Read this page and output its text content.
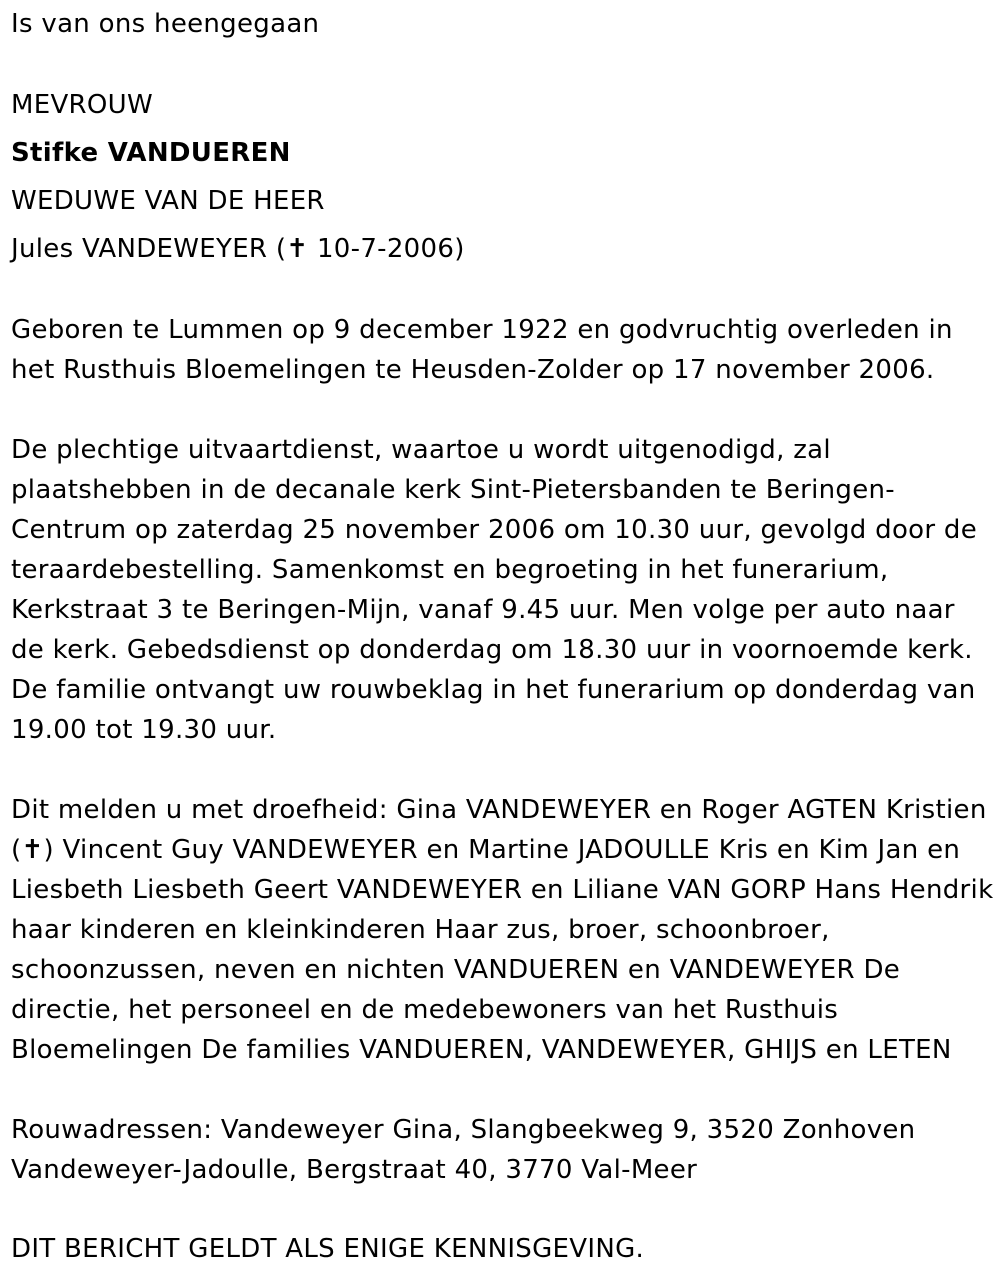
Is van ons heengegaan
MEVROUW
Stifke VANDUEREN
WEDUWE VAN DE HEER
Jules VANDEWEYER (✝ 10-7-2006)
Geboren te Lummen op 9 december 1922 en godvruchtig overleden in
het Rusthuis Bloemelingen te Heusden-Zolder op 17 november 2006.
De plechtige uitvaartdienst, waartoe u wordt uitgenodigd, zal
plaatshebben in de decanale kerk Sint-Pietersbanden te Beringen-
Centrum op zaterdag 25 november 2006 om 10.30 uur, gevolgd door de
teraardebestelling. Samenkomst en begroeting in het funerarium,
Kerkstraat 3 te Beringen-Mijn, vanaf 9.45 uur. Men volge per auto naar
de kerk. Gebedsdienst op donderdag om 18.30 uur in voornoemde kerk.
De familie ontvangt uw rouwbeklag in het funerarium op donderdag van
19.00 tot 19.30 uur.
Dit melden u met droefheid: Gina VANDEWEYER en Roger AGTEN Kristien
(✝) Vincent Guy VANDEWEYER en Martine JADOULLE Kris en Kim Jan en
Liesbeth Liesbeth Geert VANDEWEYER en Liliane VAN GORP Hans Hendrik
haar kinderen en kleinkinderen Haar zus, broer, schoonbroer,
schoonzussen, neven en nichten VANDUEREN en VANDEWEYER De
directie, het personeel en de medebewoners van het Rusthuis
Bloemelingen De families VANDUEREN, VANDEWEYER, GHIJS en LETEN
Rouwadressen: Vandeweyer Gina, Slangbeekweg 9, 3520 Zonhoven
Vandeweyer-Jadoulle, Bergstraat 40, 3770 Val-Meer
DIT BERICHT GELDT ALS ENIGE KENNISGEVING.
